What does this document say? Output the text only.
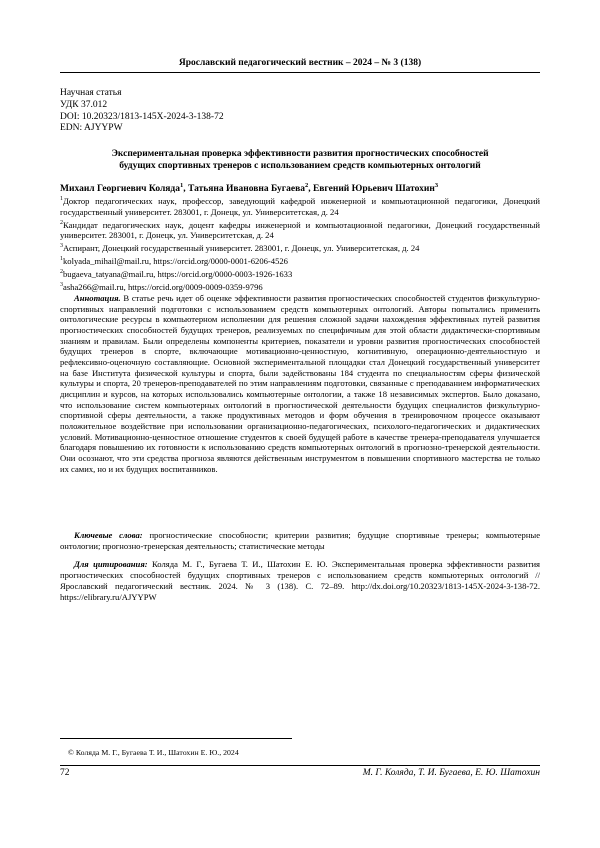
Ярославский педагогический вестник – 2024 – № 3 (138)
Научная статья
УДК 37.012
DOI: 10.20323/1813-145X-2024-3-138-72
EDN: AJYYPW
Экспериментальная проверка эффективности развития прогностических способностей
будущих спортивных тренеров с использованием средств компьютерных онтологий
Михаил Георгиевич Коляда$^1$, Татьяна Ивановна Бугаева$^2$, Евгений Юрьевич Шатохин$^3$

$^1$Доктор педагогических наук, профессор, заведующий кафедрой инженерной и компьютационной педагогики, Донецкий государственный университет. 283001, г. Донецк, ул. Университетская, д. 24

$^2$Кандидат педагогических наук, доцент кафедры инженерной и компьютационной педагогики, Донецкий государственный университет. 283001, г. Донецк, ул. Университетская, д. 24

$^3$Аспирант, Донецкий государственный университет. 283001, г. Донецк, ул. Университетская, д. 24

$^1$kolyada_mihail@mail.ru, https://orcid.org/0000-0001-6206-4526

$^2$bugaeva_tatyana@mail.ru, https://orcid.org/0000-0003-1926-1633

$^3$asha266@mail.ru, https://orcid.org/0009-0009-0359-9796

Аннотация. В статье речь идет об оценке эффективности развития прогностических способностей студентов физкультурно-спортивных направлений подготовки с использованием средств компьютерных онтологий. Авторы попытались применить онтологические ресурсы в компьютерном исполнении для решения сложной задачи нахождения эффективных путей развития прогностических способностей будущих тренеров, реализуемых по специфичным для этой области дидактически-спортивным знаниям и правилам. Были определены компоненты критериев, показатели и уровни развития прогностических способностей будущих тренеров в спорте, включающие мотивационно-ценностную, когнитивную, операционно-деятельностную и рефлексивно-оценочную составляющие. Основной экспериментальной площадки стал Донецкий государственный университет на базе Института физической культуры и спорта, были задействованы 184 студента по специальностям сферы физической культуры и спорта, 20 тренеров-преподавателей по этим направлениям подготовки, связанные с преподаванием информатических дисциплин и курсов, на которых использовались компьютерные онтологии, а также 18 независимых экспертов. Было доказано, что использование систем компьютерных онтологий в прогностической деятельности будущих специалистов физкультурно-спортивной сферы деятельности, а также продуктивных методов и форм обучения в тренировочном процессе оказывают положительное воздействие при использовании организационно-педагогических, психолого-педагогических и дидактических условий. Мотивационно-ценностное отношение студентов к своей будущей работе в качестве тренера-преподавателя улучшается благодаря повышению их готовности к использованию средств компьютерных онтологий в прогнозно-тренерской деятельности. Они осознают, что эти средства прогноза являются действенным инструментом в повышении спортивного мастерства не только их самих, но и их будущих воспитанников.

Ключевые слова: прогностические способности; критерии развития; будущие спортивные тренеры; компьютерные онтологии; прогнозно-тренерская деятельность; статистические методы

Для цитирования: Коляда М. Г., Бугаева Т. И., Шатохин Е. Ю. Экспериментальная проверка эффективности развития прогностических способностей будущих спортивных тренеров с использованием средств компьютерных онтологий // Ярославский педагогический вестник. 2024. № 3 (138). С. 72–89. http://dx.doi.org/10.20323/1813-145X-2024-3-138-72. https://elibrary.ru/AJYYPW

© Коляда М. Г., Бугаева Т. И., Шатохин Е. Ю., 2024
72	М. Г. Коляда, Т. И. Бугаева, Е. Ю. Шатохин
